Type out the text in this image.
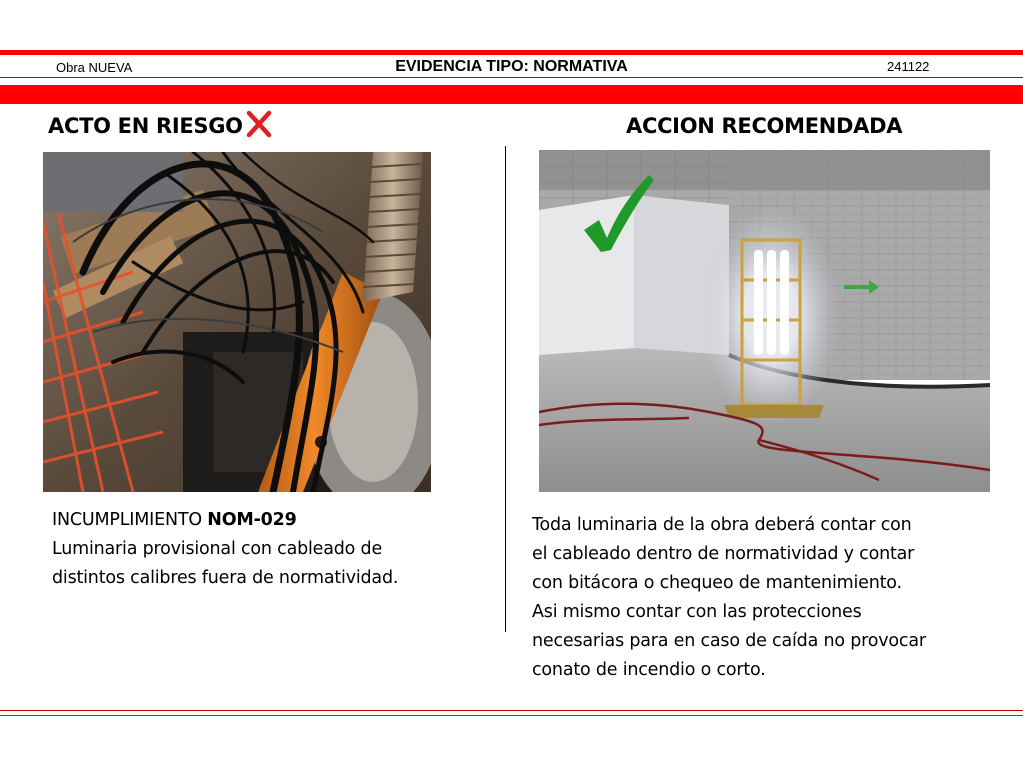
Obra NUEVA	EVIDENCIA TIPO: NORMATIVA	241122
ACTO EN RIESGO	ACCION RECOMENDADA
INCUMPLIMIENTO NOM-029
Luminaria provisional con cableado de
distintos calibres fuera de normatividad.
Toda luminaria de la obra deberá contar con
el cableado dentro de normatividad y contar
con bitácora o chequeo de mantenimiento.
Asi mismo contar con las protecciones
necesarias para en caso de caída no provocar
conato de incendio o corto.
